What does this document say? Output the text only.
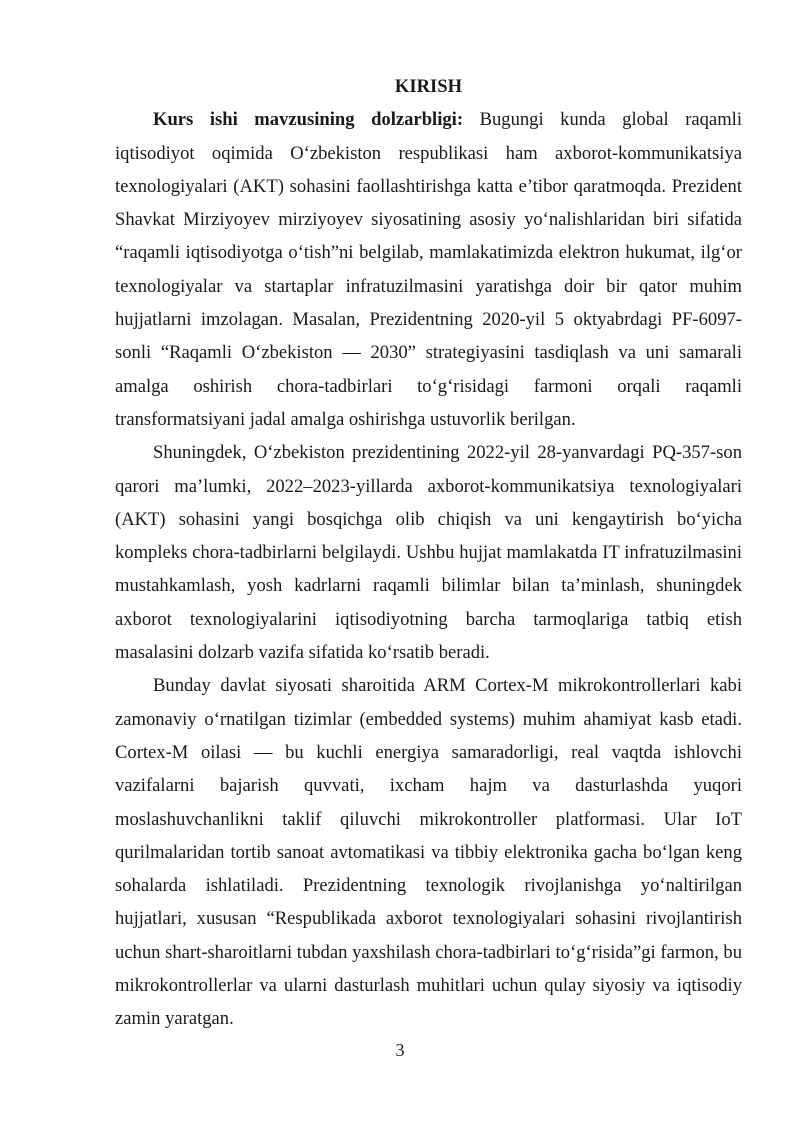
KIRISH

Kurs ishi mavzusining dolzarbligi: Bugungi kunda global raqamli iqtisodiyot oqimida O‘zbekiston respublikasi ham axborot-kommunikatsiya texnologiyalari (AKT) sohasini faollashtirishga katta e’tibor qaratmoqda. Prezident Shavkat Mirziyoyev mirziyoyev siyosatining asosiy yo‘nalishlaridan biri sifatida “raqamli iqtisodiyotga o‘tish”ni belgilab, mamlakatimizda elektron hukumat, ilg‘or texnologiyalar va startaplar infratuzilmasini yaratishga doir bir qator muhim hujjatlarni imzolagan. Masalan, Prezidentning 2020-yil 5 oktyabrdagi PF-6097-sonli “Raqamli O‘zbekiston — 2030” strategiyasini tasdiqlash va uni samarali amalga oshirish chora-tadbirlari to‘g‘risidagi farmoni orqali raqamli transformatsiyani jadal amalga oshirishga ustuvorlik berilgan.

Shuningdek, O‘zbekiston prezidentining 2022-yil 28-yanvardagi PQ-357-son qarori ma’lumki, 2022–2023-yillarda axborot-kommunikatsiya texnologiyalari (AKT) sohasini yangi bosqichga olib chiqish va uni kengaytirish bo‘yicha kompleks chora-tadbirlarni belgilaydi. Ushbu hujjat mamlakatda IT infratuzilmasini mustahkamlash, yosh kadrlarni raqamli bilimlar bilan ta’minlash, shuningdek axborot texnologiyalarini iqtisodiyotning barcha tarmoqlariga tatbiq etish masalasini dolzarb vazifa sifatida ko‘rsatib beradi.

Bunday davlat siyosati sharoitida ARM Cortex-M mikrokontrollerlari kabi zamonaviy o‘rnatilgan tizimlar (embedded systems) muhim ahamiyat kasb etadi. Cortex-M oilasi — bu kuchli energiya samaradorligi, real vaqtda ishlovchi vazifalarni bajarish quvvati, ixcham hajm va dasturlashda yuqori moslashuvchanlikni taklif qiluvchi mikrokontroller platformasi. Ular IoT qurilmalaridan tortib sanoat avtomatikasi va tibbiy elektronika gacha bo‘lgan keng sohalarda ishlatiladi. Prezidentning texnologik rivojlanishga yo‘naltirilgan hujjatlari, xususan “Respublikada axborot texnologiyalari sohasini rivojlantirish uchun shart-sharoitlarni tubdan yaxshilash chora-tadbirlari to‘g‘risida”gi farmon, bu mikrokontrollerlar va ularni dasturlash muhitlari uchun qulay siyosiy va iqtisodiy zamin yaratgan.

3
